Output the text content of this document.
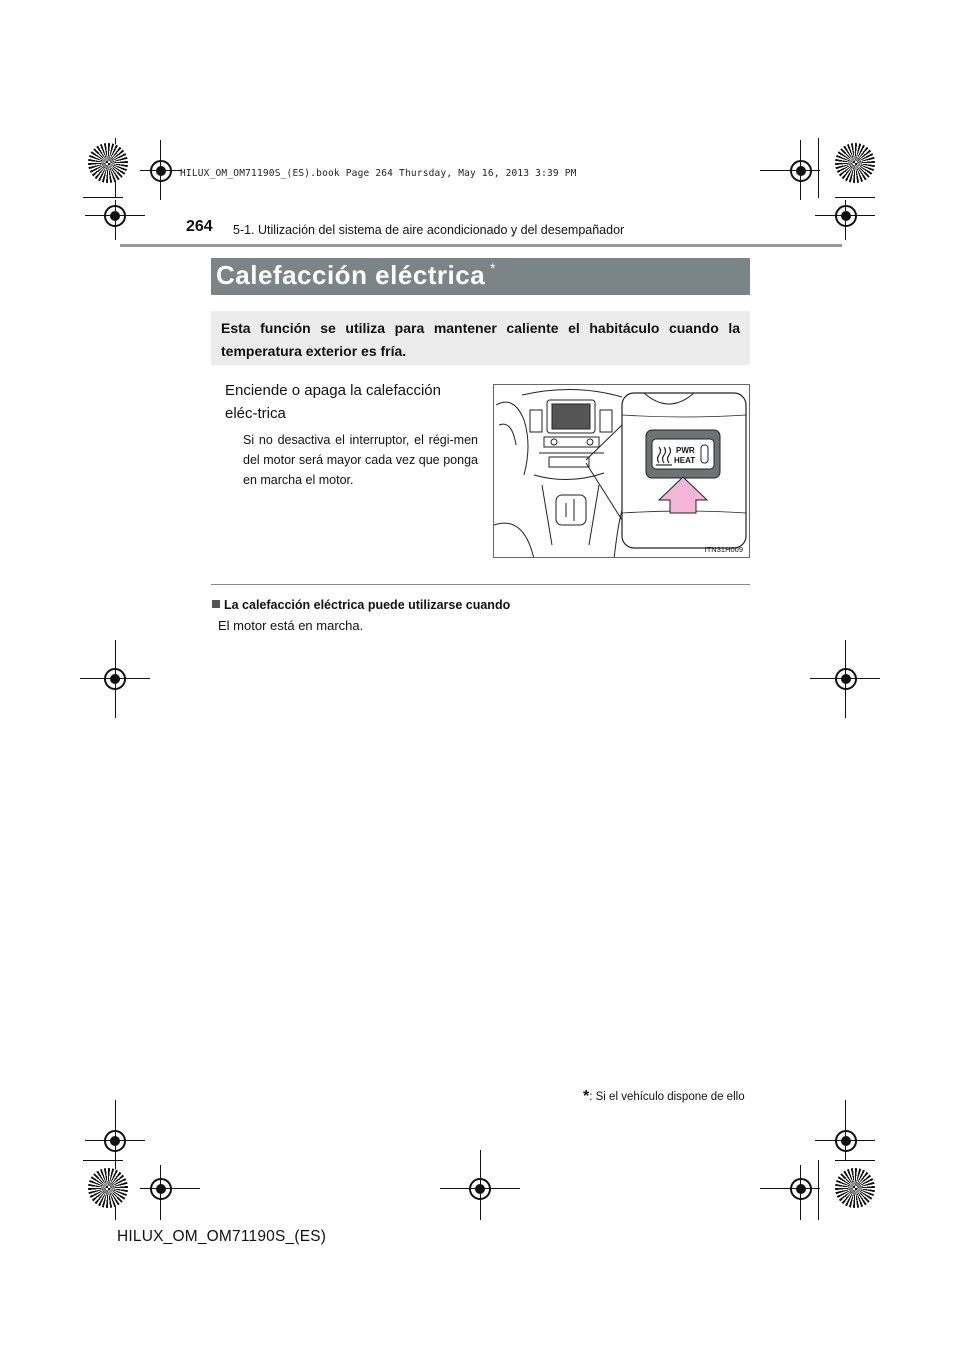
HILUX_OM_OM71190S_(ES).book Page 264 Thursday, May 16, 2013 3:39 PM
264 5-1. Utilización del sistema de aire acondicionado y del desempañador
Calefacción eléctrica *
Esta función se utiliza para mantener caliente el habitáculo cuando la temperatura exterior es fría.
Enciende o apaga la calefacción eléc-trica
Si no desactiva el interruptor, el régi-men del motor será mayor cada vez que ponga en marcha el motor.
PWR
HEAT
ITN31H009
La calefacción eléctrica puede utilizarse cuando
El motor está en marcha.
*: Si el vehículo dispone de ello
HILUX_OM_OM71190S_(ES)
